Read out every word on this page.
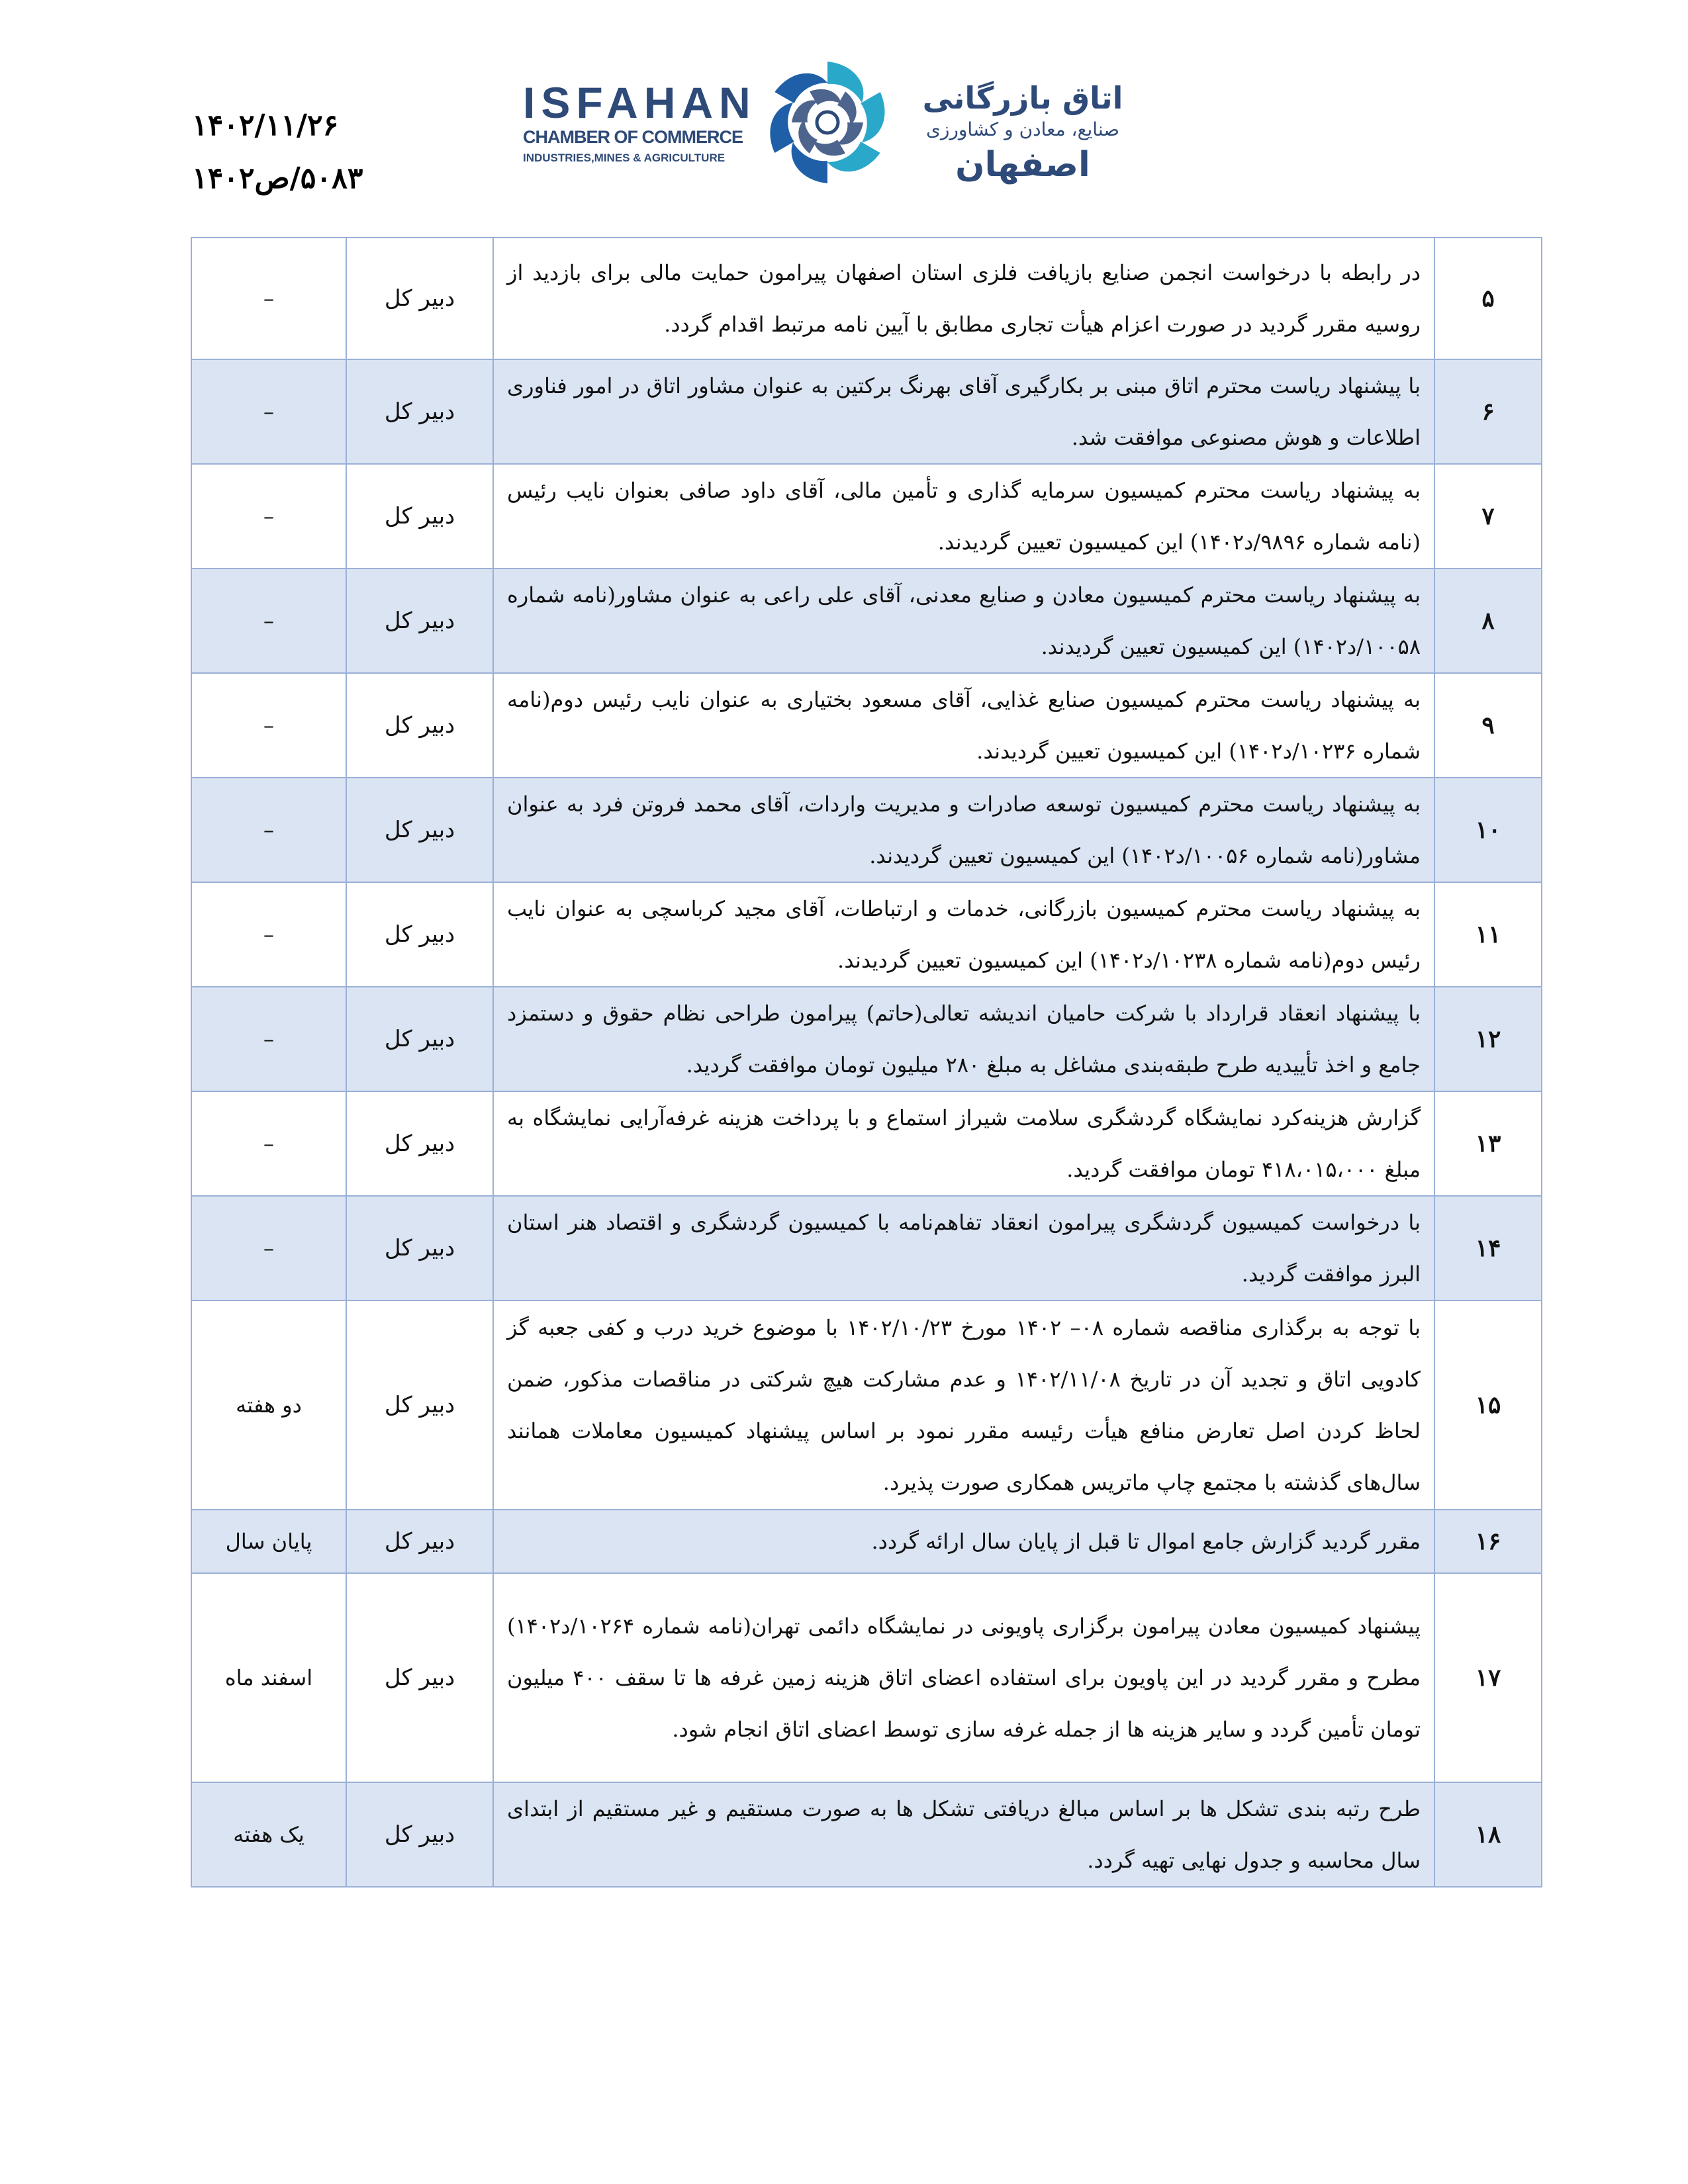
۱۴۰۲/۱۱/۲۶
۵۰۸۳/ص۱۴۰۲
ISFAHAN
CHAMBER OF COMMERCE
INDUSTRIES,MINES & AGRICULTURE
اتاق بازرگانی
صنایع، معادن و کشاورزی
اصفهان
۵	در رابطه با درخواست انجمن صنایع بازیافت فلزی استان اصفهان پیرامون حمایت مالی برای بازدید از روسیه مقرر گردید در صورت اعزام هیأت تجاری مطابق با آیین نامه مرتبط اقدام گردد.	دبیر کل	–
۶	با پیشنهاد ریاست محترم اتاق مبنی بر بکارگیری آقای بهرنگ برکتین به عنوان مشاور اتاق در امور فناوری اطلاعات و هوش مصنوعی موافقت شد.	دبیر کل	–
۷	به پیشنهاد ریاست محترم کمیسیون سرمایه گذاری و تأمین مالی، آقای داود صافی بعنوان نایب رئیس (نامه شماره ۹۸۹۶/د۱۴۰۲) این کمیسیون تعیین گردیدند.	دبیر کل	–
۸	به پیشنهاد ریاست محترم کمیسیون معادن و صنایع معدنی، آقای علی راعی به عنوان مشاور(نامه شماره ۱۰۰۵۸/د۱۴۰۲) این کمیسیون تعیین گردیدند.	دبیر کل	–
۹	به پیشنهاد ریاست محترم کمیسیون صنایع غذایی، آقای مسعود بختیاری به عنوان نایب رئیس دوم(نامه شماره ۱۰۲۳۶/د۱۴۰۲) این کمیسیون تعیین گردیدند.	دبیر کل	–
۱۰	به پیشنهاد ریاست محترم کمیسیون توسعه صادرات و مدیریت واردات، آقای محمد فروتن فرد به عنوان مشاور(نامه شماره ۱۰۰۵۶/د۱۴۰۲) این کمیسیون تعیین گردیدند.	دبیر کل	–
۱۱	به پیشنهاد ریاست محترم کمیسیون بازرگانی، خدمات و ارتباطات، آقای مجید کرباسچی به عنوان نایب رئیس دوم(نامه شماره ۱۰۲۳۸/د۱۴۰۲) این کمیسیون تعیین گردیدند.	دبیر کل	–
۱۲	با پیشنهاد انعقاد قرارداد با شرکت حامیان اندیشه تعالی(حاتم) پیرامون طراحی نظام حقوق و دستمزد جامع و اخذ تأییدیه طرح طبقه‌بندی مشاغل به مبلغ ۲۸۰ میلیون تومان موافقت گردید.	دبیر کل	–
۱۳	گزارش هزینه‌کرد نمایشگاه گردشگری سلامت شیراز استماع و با پرداخت هزینه غرفه‌آرایی نمایشگاه به مبلغ ۴۱۸،۰۱۵،۰۰۰ تومان موافقت گردید.	دبیر کل	–
۱۴	با درخواست کمیسیون گردشگری پیرامون انعقاد تفاهم‌نامه با کمیسیون گردشگری و اقتصاد هنر استان البرز موافقت گردید.	دبیر کل	–
۱۵	با توجه به برگذاری مناقصه شماره ۰۸– ۱۴۰۲ مورخ ۱۴۰۲/۱۰/۲۳ با موضوع خرید درب و کفی جعبه گز کادویی اتاق و تجدید آن در تاریخ ۱۴۰۲/۱۱/۰۸ و عدم مشارکت هیچ شرکتی در مناقصات مذکور، ضمن لحاظ کردن اصل تعارض منافع هیأت رئیسه مقرر نمود بر اساس پیشنهاد کمیسیون معاملات همانند سال‌های گذشته با مجتمع چاپ ماتریس همکاری صورت پذیرد.	دبیر کل	دو هفته
۱۶	مقرر گردید گزارش جامع اموال تا قبل از پایان سال ارائه گردد.	دبیر کل	پایان سال
۱۷	پیشنهاد کمیسیون معادن پیرامون برگزاری پاویونی در نمایشگاه دائمی تهران(نامه شماره ۱۰۲۶۴/د۱۴۰۲) مطرح و مقرر گردید در این پاویون برای استفاده اعضای اتاق هزینه زمین غرفه ها تا سقف ۴۰۰ میلیون تومان تأمین گردد و سایر هزینه ها از جمله غرفه سازی توسط اعضای اتاق انجام شود.	دبیر کل	اسفند ماه
۱۸	طرح رتبه بندی تشکل ها بر اساس مبالغ دریافتی تشکل ها به صورت مستقیم و غیر مستقیم از ابتدای سال محاسبه و جدول نهایی تهیه گردد.	دبیر کل	یک هفته
